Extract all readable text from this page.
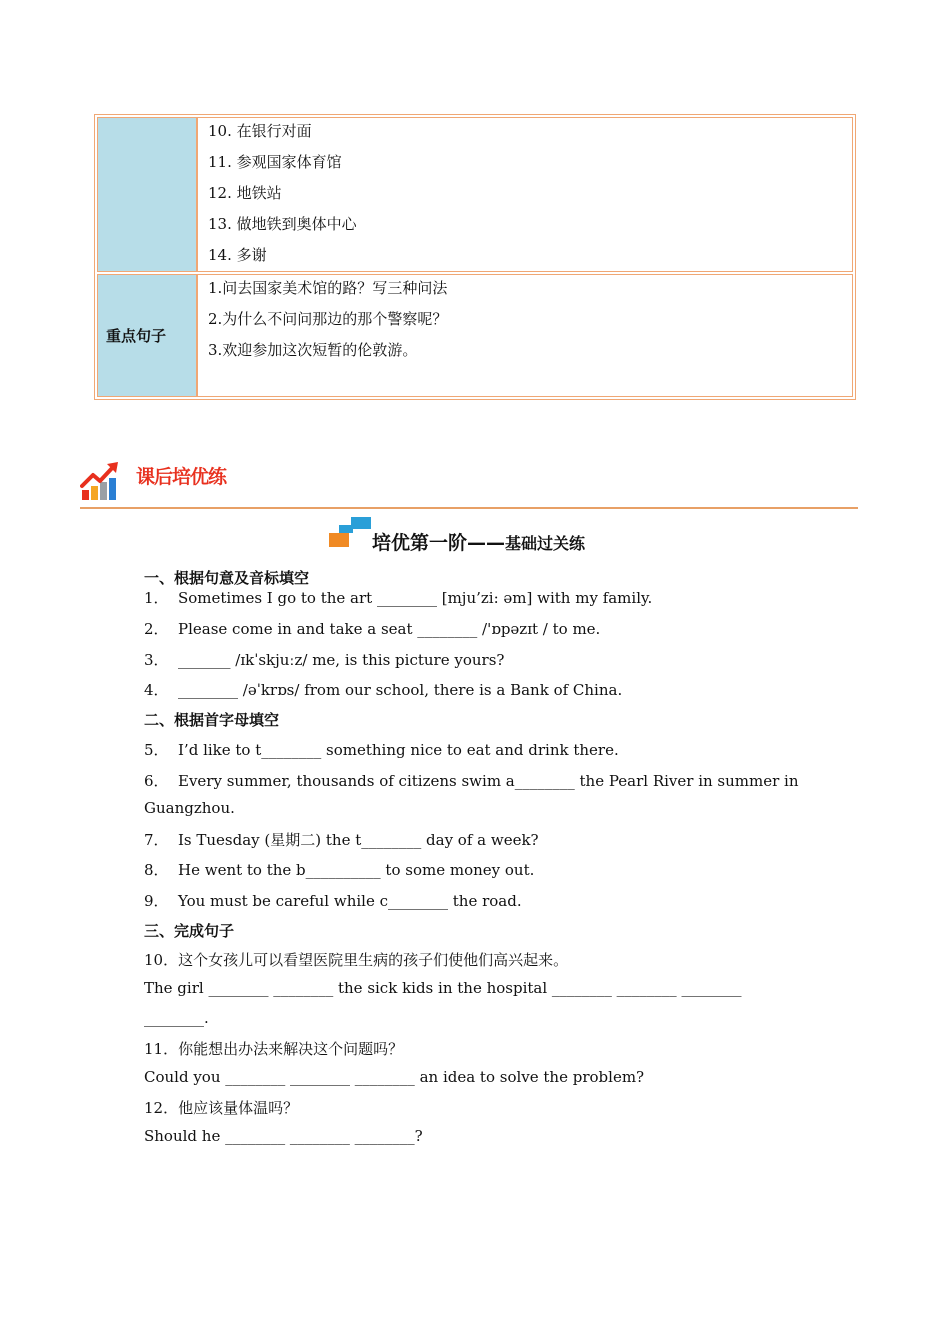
10. 在银行对面
11. 参观国家体育馆
12. 地铁站
13. 做地铁到奥体中心
14. 多谢
重点句子
1.问去国家美术馆的路？写三种问法
2.为什么不问问那边的那个警察呢？
3.欢迎参加这次短暂的伦敦游。
课后培优练
培优第一阶——基础过关练
一、根据句意及音标填空
1． Sometimes I go to the art ________ [mju’zi: əm] with my family.
2． Please come in and take a seat ________ /'ɒpəzɪt / to me.
3． _______ /ɪkˈskjuːz/ me, is this picture yours?
4． ________ /əˈkrɒs/ from our school, there is a Bank of China.
二、根据首字母填空
5． I’d like to t________ something nice to eat and drink there.
6． Every summer, thousands of citizens swim a________ the Pearl River in summer in
Guangzhou.
7． Is Tuesday (星期二) the t________ day of a week?
8． He went to the b__________ to some money out.
9． You must be careful while c________ the road.
三、完成句子
10．这个女孩儿可以看望医院里生病的孩子们使他们高兴起来。
The girl ________ ________ the sick kids in the hospital ________ ________ ________
________.
11．你能想出办法来解决这个问题吗？
Could you ________ ________ ________ an idea to solve the problem?
12．他应该量体温吗？
Should he ________ ________ ________?
